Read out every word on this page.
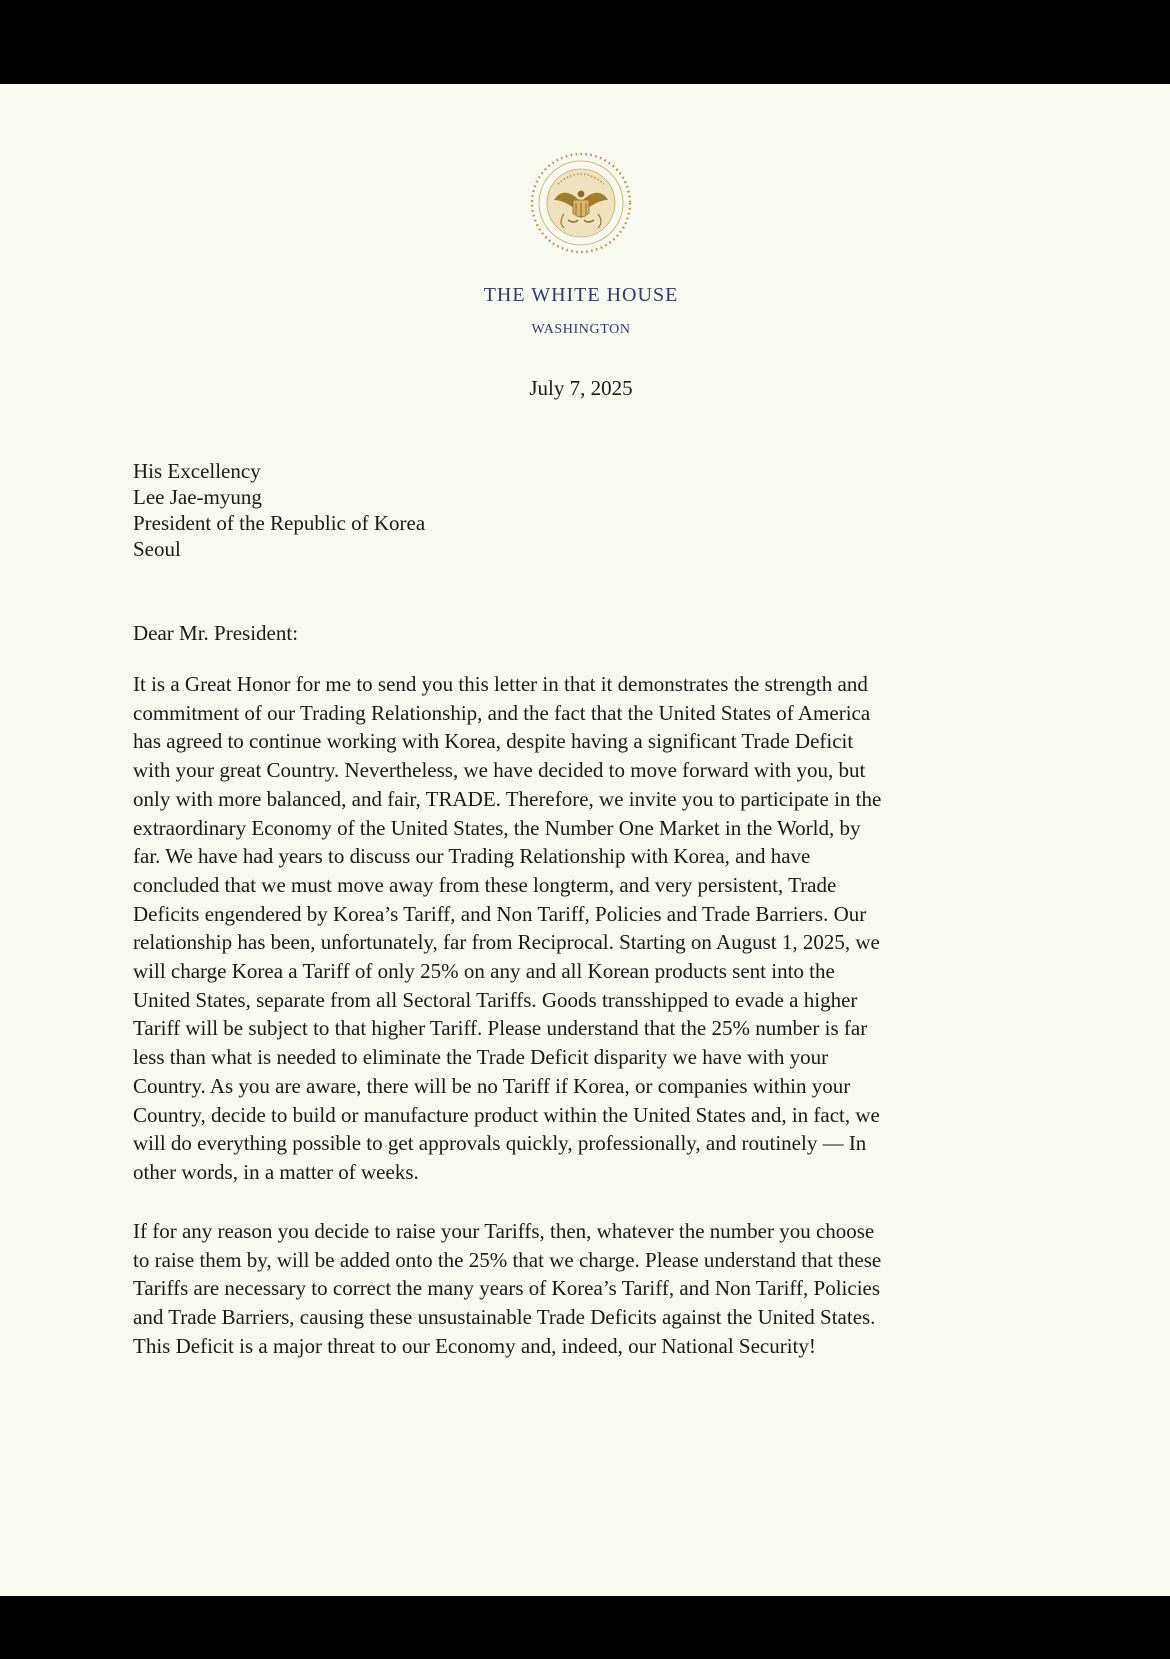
THE WHITE HOUSE
WASHINGTON
July 7, 2025
His Excellency
Lee Jae-myung
President of the Republic of Korea
Seoul
Dear Mr. President:
It is a Great Honor for me to send you this letter in that it demonstrates the strength and
commitment of our Trading Relationship, and the fact that the United States of America
has agreed to continue working with Korea, despite having a significant Trade Deficit
with your great Country. Nevertheless, we have decided to move forward with you, but
only with more balanced, and fair, TRADE. Therefore, we invite you to participate in the
extraordinary Economy of the United States, the Number One Market in the World, by
far. We have had years to discuss our Trading Relationship with Korea, and have
concluded that we must move away from these longterm, and very persistent, Trade
Deficits engendered by Korea’s Tariff, and Non Tariff, Policies and Trade Barriers. Our
relationship has been, unfortunately, far from Reciprocal. Starting on August 1, 2025, we
will charge Korea a Tariff of only 25% on any and all Korean products sent into the
United States, separate from all Sectoral Tariffs. Goods transshipped to evade a higher
Tariff will be subject to that higher Tariff. Please understand that the 25% number is far
less than what is needed to eliminate the Trade Deficit disparity we have with your
Country. As you are aware, there will be no Tariff if Korea, or companies within your
Country, decide to build or manufacture product within the United States and, in fact, we
will do everything possible to get approvals quickly, professionally, and routinely — In
other words, in a matter of weeks.
If for any reason you decide to raise your Tariffs, then, whatever the number you choose
to raise them by, will be added onto the 25% that we charge. Please understand that these
Tariffs are necessary to correct the many years of Korea’s Tariff, and Non Tariff, Policies
and Trade Barriers, causing these unsustainable Trade Deficits against the United States.
This Deficit is a major threat to our Economy and, indeed, our National Security!
